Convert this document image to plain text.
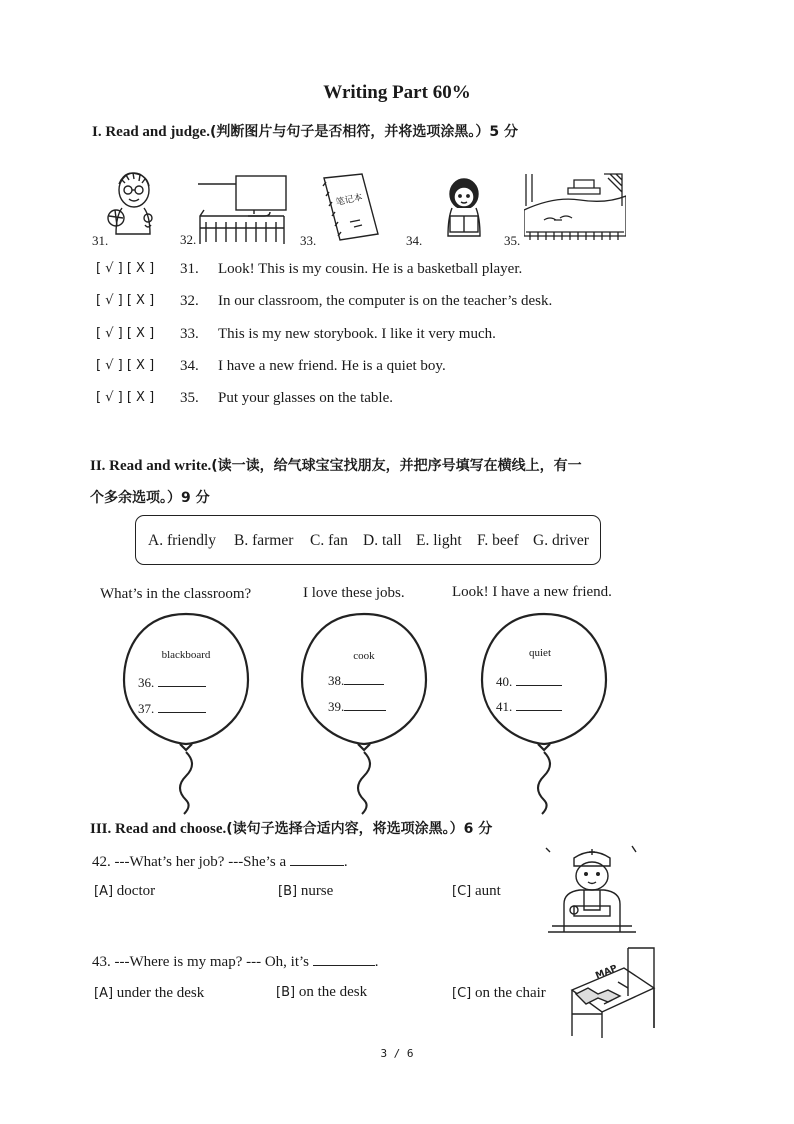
Writing Part 60%
I. Read and judge.(判断图片与句子是否相符，并将选项涂黑。）5 分
笔记本
31.	32.	33.	34.	35.
[ √ ] [ X ] 31. Look! This is my cousin. He is a basketball player.
[ √ ] [ X ] 32. In our classroom, the computer is on the teacher’s desk.
[ √ ] [ X ] 33. This is my new storybook. I like it very much.
[ √ ] [ X ] 34. I have a new friend. He is a quiet boy.
[ √ ] [ X ] 35. Put your glasses on the table.
II. Read and write.(读一读，给气球宝宝找朋友，并把序号填写在横线上，有一
个多余选项。）9 分
A. friendly B. farmer C. fan D. tall E. light F. beef G. driver
What’s in the classroom?	I love these jobs.	Look! I have a new friend.
blackboard
36.
37.
cook
38.
39.
quiet
40.
41.
III. Read and choose.(读句子选择合适内容，将选项涂黑。）6 分
42. ---What’s her job? ---She’s a	.
[A] doctor	[B] nurse	[C] aunt
43. ---Where is my map? --- Oh, it’s	.
[A] under the desk	[B] on the desk	[C] on the chair
MAP
3 / 6
